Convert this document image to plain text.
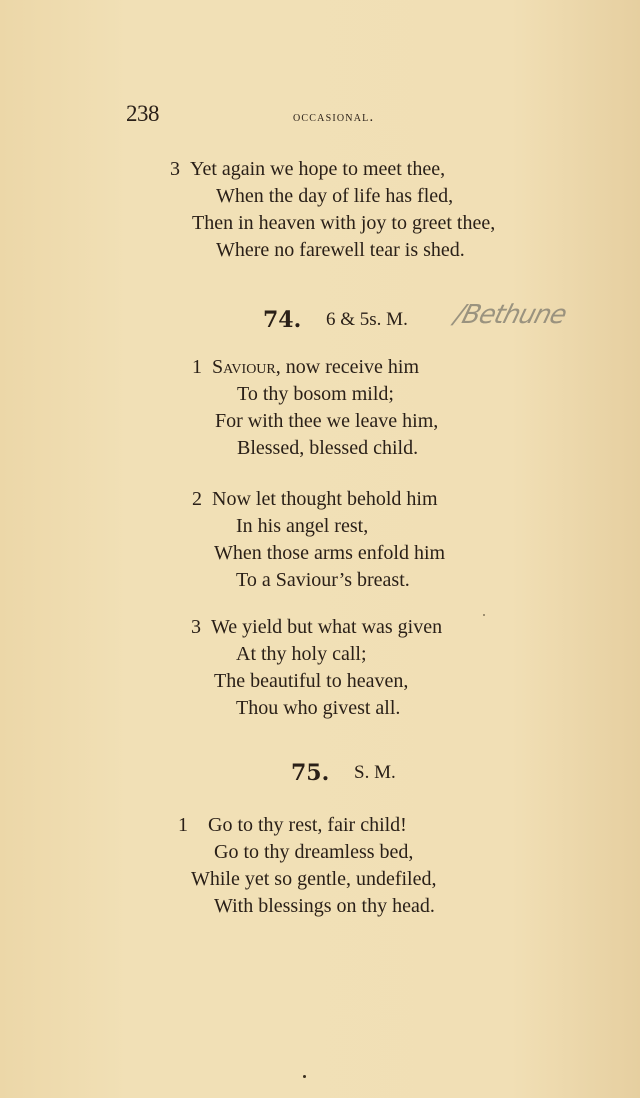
238	occasional.
3 Yet again we hope to meet thee,
When the day of life has fled,
Then in heaven with joy to greet thee,
Where no farewell tear is shed.
74. 6 & 5s. M. /Bethune
1 Saviour, now receive him
To thy bosom mild;
For with thee we leave him,
Blessed, blessed child.
2 Now let thought behold him
In his angel rest,
When those arms enfold him
To a Saviour’s breast.
3 We yield but what was given
At thy holy call;
The beautiful to heaven,
Thou who givest all.
75. S. M.
1 Go to thy rest, fair child!
Go to thy dreamless bed,
While yet so gentle, undefiled,
With blessings on thy head.
